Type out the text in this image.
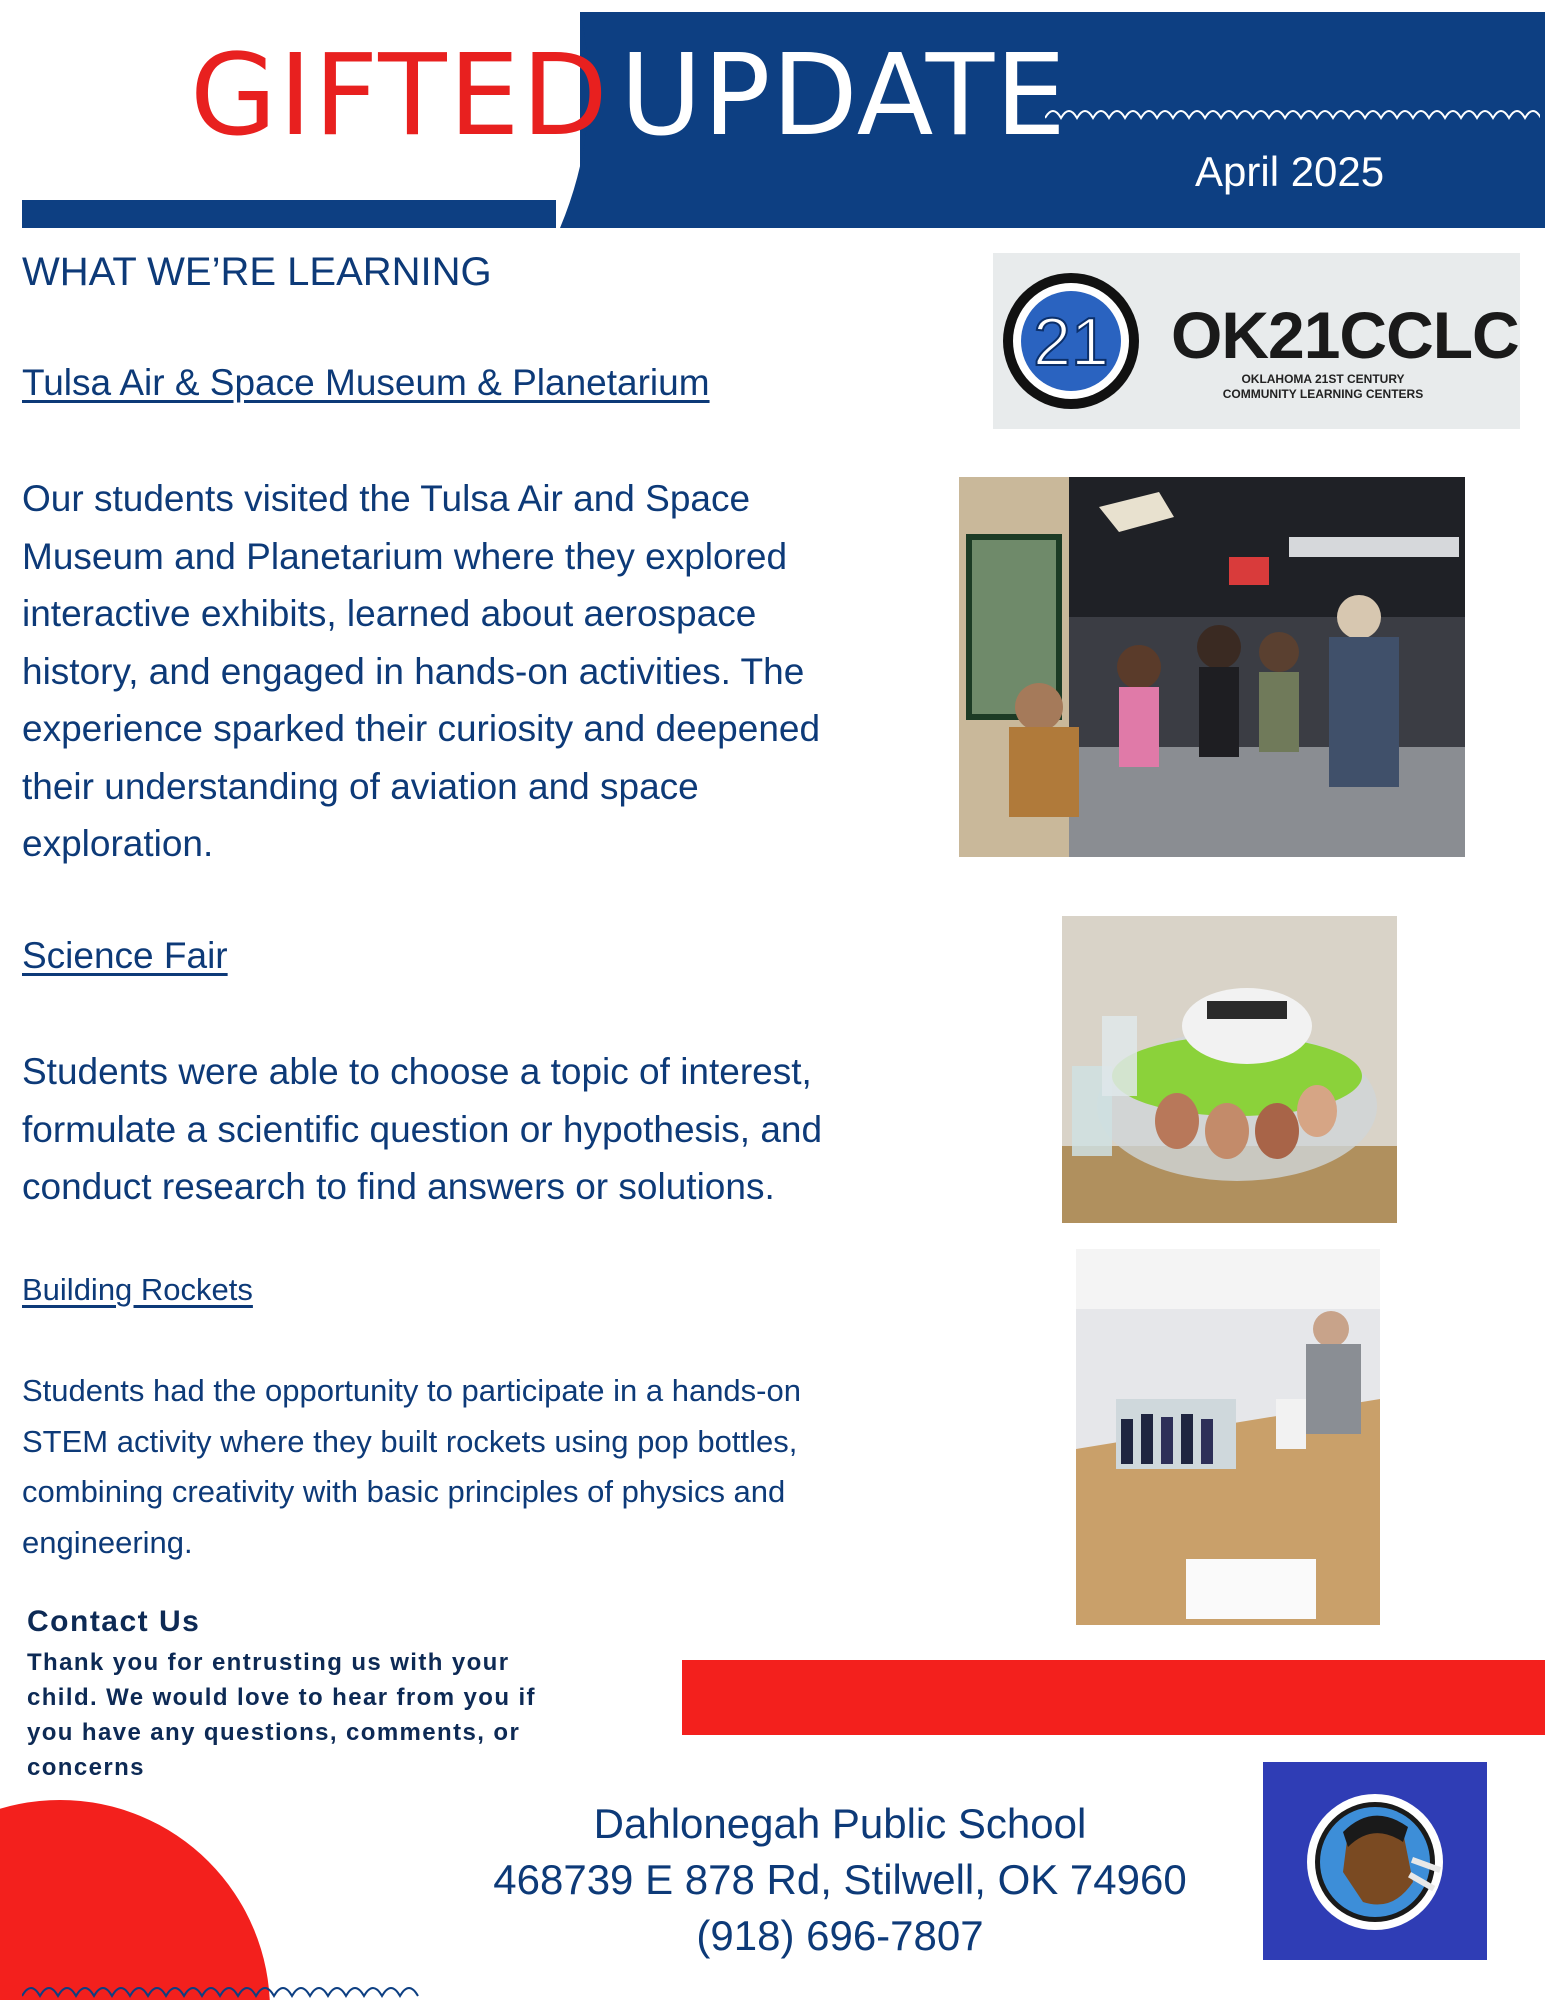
GIFTED UPDATE
April 2025
WHAT WE’RE LEARNING
Tulsa Air & Space Museum & Planetarium
Our students visited the Tulsa Air and Space
Museum and Planetarium where they explored
interactive exhibits, learned about aerospace
history, and engaged in hands-on activities. The
experience sparked their curiosity and deepened
their understanding of aviation and space
exploration.
Science Fair
Students were able to choose a topic of interest,
formulate a scientific question or hypothesis, and
conduct research to find answers or solutions.
Building Rockets
Students had the opportunity to participate in a hands-on
STEM activity where they built rockets using pop bottles,
combining creativity with basic principles of physics and
engineering.
21 OK21CCLC
OKLAHOMA 21ST CENTURY
COMMUNITY LEARNING CENTERS
Contact Us
Thank you for entrusting us with your
child. We would love to hear from you if
you have any questions, comments, or
concerns
Dahlonegah Public School
468739 E 878 Rd, Stilwell, OK 74960
(918) 696-7807
